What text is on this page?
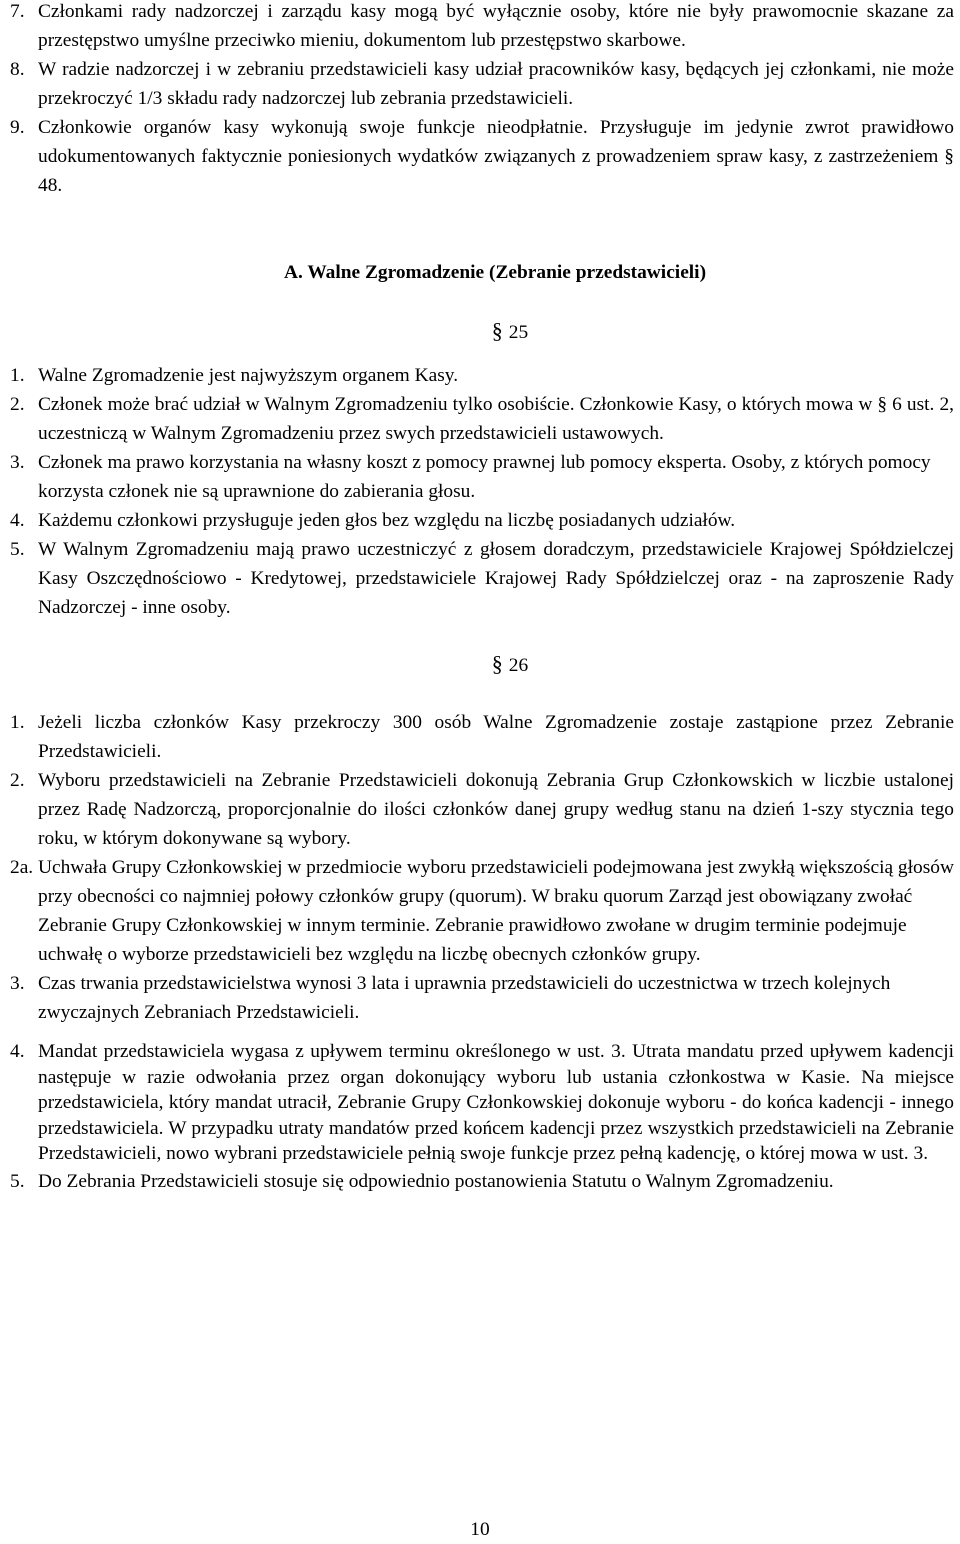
7. Członkami rady nadzorczej i zarządu kasy mogą być wyłącznie osoby, które nie były prawomocnie skazane za przestępstwo umyślne przeciwko mieniu, dokumentom lub przestępstwo skarbowe.
8. W radzie nadzorczej i w zebraniu przedstawicieli kasy udział pracowników kasy, będących jej członkami, nie może przekroczyć 1/3 składu rady nadzorczej lub zebrania przedstawicieli.
9. Członkowie organów kasy wykonują swoje funkcje nieodpłatnie. Przysługuje im jedynie zwrot prawidłowo udokumentowanych faktycznie poniesionych wydatków związanych z prowadzeniem spraw kasy, z zastrzeżeniem § 48.

A. Walne Zgromadzenie (Zebranie przedstawicieli)

§ 25

1. Walne Zgromadzenie jest najwyższym organem Kasy.
2. Członek może brać udział w Walnym Zgromadzeniu tylko osobiście. Członkowie Kasy, o których mowa w § 6 ust. 2, uczestniczą w Walnym Zgromadzeniu przez swych przedstawicieli ustawowych.
3. Członek ma prawo korzystania na własny koszt z pomocy prawnej lub pomocy eksperta. Osoby, z których pomocy korzysta członek nie są uprawnione do zabierania głosu.
4. Każdemu członkowi przysługuje jeden głos bez względu na liczbę posiadanych udziałów.
5. W Walnym Zgromadzeniu mają prawo uczestniczyć z głosem doradczym, przedstawiciele Krajowej Spółdzielczej Kasy Oszczędnościowo - Kredytowej, przedstawiciele Krajowej Rady Spółdzielczej oraz - na zaproszenie Rady Nadzorczej - inne osoby.

§ 26

1. Jeżeli liczba członków Kasy przekroczy 300 osób Walne Zgromadzenie zostaje zastąpione przez Zebranie Przedstawicieli.
2. Wyboru przedstawicieli na Zebranie Przedstawicieli dokonują Zebrania Grup Członkowskich w liczbie ustalonej przez Radę Nadzorczą, proporcjonalnie do ilości członków danej grupy według stanu na dzień 1-szy stycznia tego roku, w którym dokonywane są wybory.
2a. Uchwała Grupy Członkowskiej w przedmiocie wyboru przedstawicieli podejmowana jest zwykłą większością głosów przy obecności co najmniej połowy członków grupy (quorum). W braku quorum Zarząd jest obowiązany zwołać Zebranie Grupy Członkowskiej w innym terminie. Zebranie prawidłowo zwołane w drugim terminie podejmuje uchwałę o wyborze przedstawicieli bez względu na liczbę obecnych członków grupy.
3. Czas trwania przedstawicielstwa wynosi 3 lata i uprawnia przedstawicieli do uczestnictwa w trzech kolejnych zwyczajnych Zebraniach Przedstawicieli.
4. Mandat przedstawiciela wygasa z upływem terminu określonego w ust. 3. Utrata mandatu przed upływem kadencji następuje w razie odwołania przez organ dokonujący wyboru lub ustania członkostwa w Kasie. Na miejsce przedstawiciela, który mandat utracił, Zebranie Grupy Członkowskiej dokonuje wyboru - do końca kadencji - innego przedstawiciela. W przypadku utraty mandatów przed końcem kadencji przez wszystkich przedstawicieli na Zebranie Przedstawicieli, nowo wybrani przedstawiciele pełnią swoje funkcje przez pełną kadencję, o której mowa w ust. 3.
5. Do Zebrania Przedstawicieli stosuje się odpowiednio postanowienia Statutu o Walnym Zgromadzeniu.
10
